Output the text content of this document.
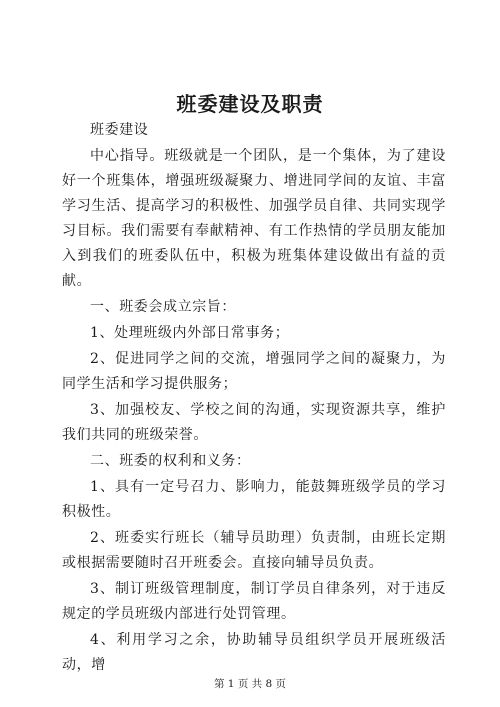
班委建设及职责

班委建设

中心指导。班级就是一个团队，是一个集体，为了建设好一个班集体，增强班级凝聚力、增进同学间的友谊、丰富学习生活、提高学习的积极性、加强学员自律、共同实现学习目标。我们需要有奉献精神、有工作热情的学员朋友能加入到我们的班委队伍中，积极为班集体建设做出有益的贡献。

一、班委会成立宗旨：

1、处理班级内外部日常事务；

2、促进同学之间的交流，增强同学之间的凝聚力，为同学生活和学习提供服务；

3、加强校友、学校之间的沟通，实现资源共享，维护我们共同的班级荣誉。

二、班委的权利和义务：

1、具有一定号召力、影响力，能鼓舞班级学员的学习积极性。

2、班委实行班长（辅导员助理）负责制，由班长定期或根据需要随时召开班委会。直接向辅导员负责。

3、制订班级管理制度，制订学员自律条列，对于违反规定的学员班级内部进行处罚管理。

4、利用学习之余，协助辅导员组织学员开展班级活动，增

第 1 页 共 8 页
